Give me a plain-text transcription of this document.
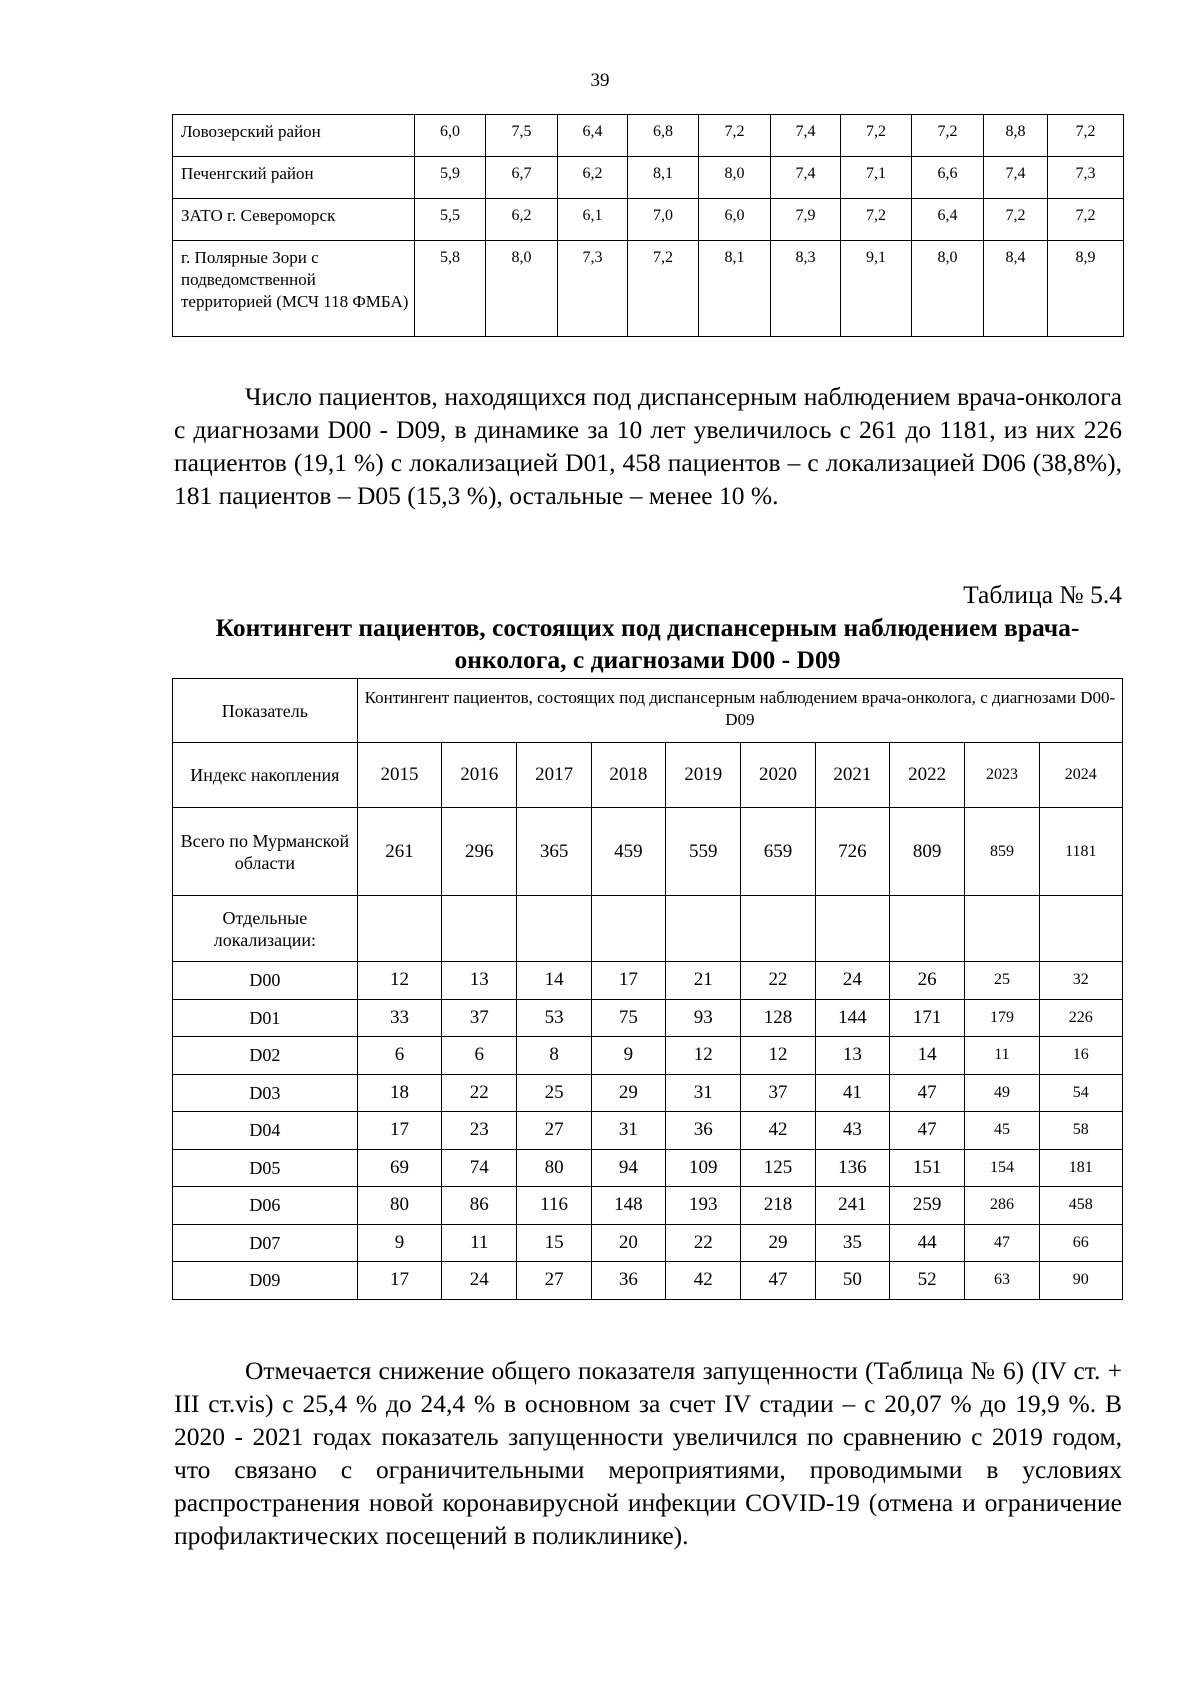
39
Ловозерский район	6,0	7,5	6,4	6,8	7,2	7,4	7,2	7,2	8,8	7,2
Печенгский район	5,9	6,7	6,2	8,1	8,0	7,4	7,1	6,6	7,4	7,3
ЗАТО г. Североморск	5,5	6,2	6,1	7,0	6,0	7,9	7,2	6,4	7,2	7,2
г. Полярные Зори с подведомственной территорией (МСЧ 118 ФМБА)	5,8	8,0	7,3	7,2	8,1	8,3	9,1	8,0	8,4	8,9

Число пациентов, находящихся под диспансерным наблюдением врача-онколога с диагнозами D00 - D09, в динамике за 10 лет увеличилось с 261 до 1181, из них 226 пациентов (19,1 %) с локализацией D01, 458 пациентов – с локализацией D06 (38,8%), 181 пациентов – D05 (15,3 %), остальные – менее 10 %.

Таблица № 5.4
Контингент пациентов, состоящих под диспансерным наблюдением врача-онколога, с диагнозами D00 - D09
Показатель	Контингент пациентов, состоящих под диспансерным наблюдением врача-онколога, с диагнозами D00-D09									
Индекс накопления	2015	2016	2017	2018	2019	2020	2021	2022	2023	2024
Всего по Мурманской области	261	296	365	459	559	659	726	809	859	1181
Отдельные локализации:										
D00	12	13	14	17	21	22	24	26	25	32
D01	33	37	53	75	93	128	144	171	179	226
D02	6	6	8	9	12	12	13	14	11	16
D03	18	22	25	29	31	37	41	47	49	54
D04	17	23	27	31	36	42	43	47	45	58
D05	69	74	80	94	109	125	136	151	154	181
D06	80	86	116	148	193	218	241	259	286	458
D07	9	11	15	20	22	29	35	44	47	66
D09	17	24	27	36	42	47	50	52	63	90

Отмечается снижение общего показателя запущенности (Таблица № 6) (IV ст. + III ст.vis) с 25,4 % до 24,4 % в основном за счет IV стадии – с 20,07 % до 19,9 %. В 2020 - 2021 годах показатель запущенности увеличился по сравнению с 2019 годом, что связано с ограничительными мероприятиями, проводимыми в условиях распространения новой коронавирусной инфекции COVID-19 (отмена и ограничение профилактических посещений в поликлинике).
